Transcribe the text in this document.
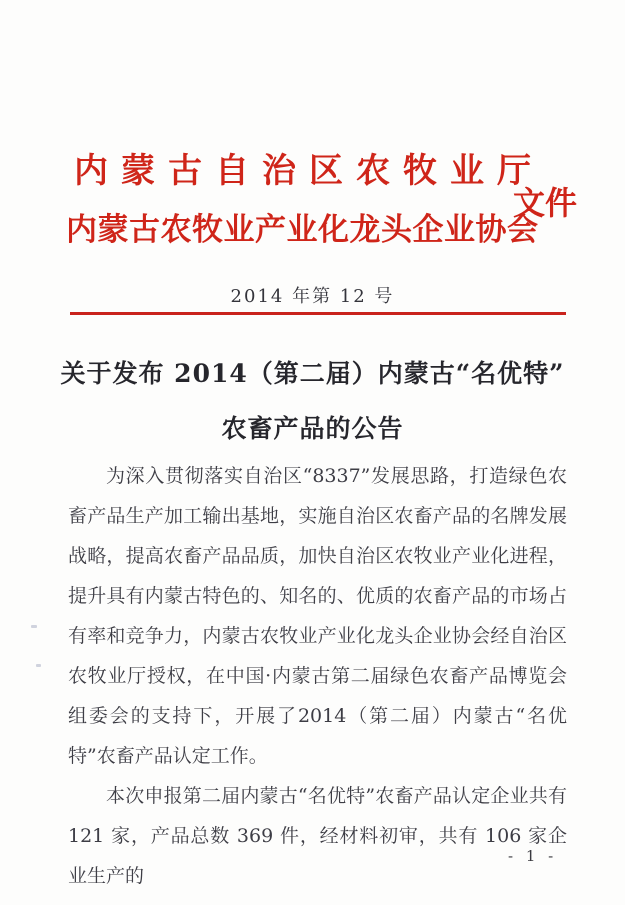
内蒙古自治区农牧业厅
文件
内蒙古农牧业产业化龙头企业协会
2014 年第 12 号
关于发布 2014（第二届）内蒙古“名优特”
农畜产品的公告

为深入贯彻落实自治区“8337”发展思路，打造绿色农畜产品生产加工输出基地，实施自治区农畜产品的名牌发展战略，提高农畜产品品质，加快自治区农牧业产业化进程，提升具有内蒙古特色的、知名的、优质的农畜产品的市场占有率和竞争力，内蒙古农牧业产业化龙头企业协会经自治区农牧业厅授权，在中国·内蒙古第二届绿色农畜产品博览会组委会的支持下，开展了2014（第二届）内蒙古“名优特”农畜产品认定工作。

本次申报第二届内蒙古“名优特”农畜产品认定企业共有 121 家，产品总数 369 件，经材料初审，共有 106 家企业生产的

- 1 -
